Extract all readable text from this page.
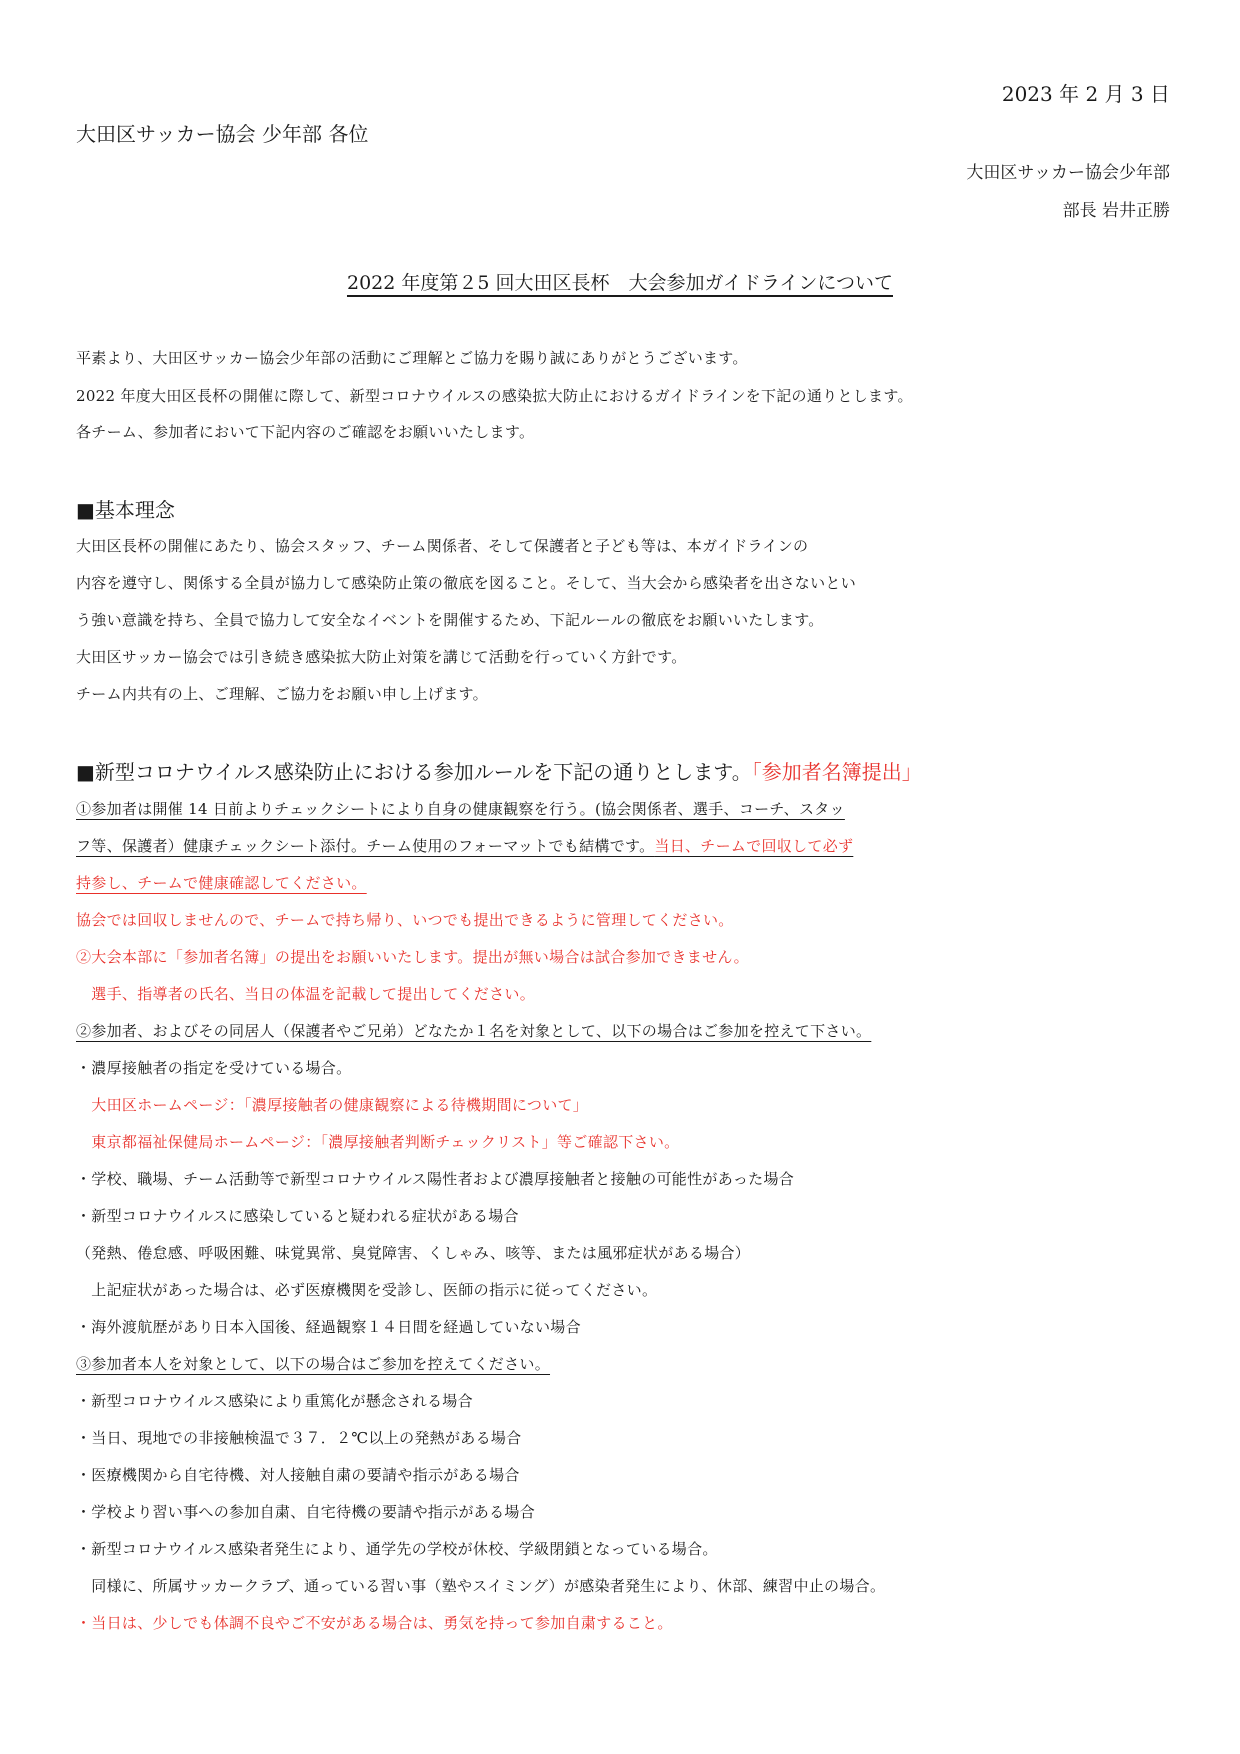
2023 年 2 月 3 日
大田区サッカー協会 少年部 各位
大田区サッカー協会少年部
部長 岩井正勝
2022 年度第２5 回大田区長杯　大会参加ガイドラインについて
平素より、大田区サッカー協会少年部の活動にご理解とご協力を賜り誠にありがとうございます。
2022 年度大田区長杯の開催に際して、新型コロナウイルスの感染拡大防止におけるガイドラインを下記の通りとします。
各チーム、参加者において下記内容のご確認をお願いいたします。
■基本理念
大田区長杯の開催にあたり、協会スタッフ、チーム関係者、そして保護者と子ども等は、本ガイドラインの
内容を遵守し、関係する全員が協力して感染防止策の徹底を図ること。そして、当大会から感染者を出さないとい
う強い意識を持ち、全員で協力して安全なイベントを開催するため、下記ルールの徹底をお願いいたします。
大田区サッカー協会では引き続き感染拡大防止対策を講じて活動を行っていく方針です。
チーム内共有の上、ご理解、ご協力をお願い申し上げます。
■新型コロナウイルス感染防止における参加ルールを下記の通りとします。「参加者名簿提出」
①参加者は開催 14 日前よりチェックシートにより自身の健康観察を行う。(協会関係者、選手、コーチ、スタッ
フ等、保護者）健康チェックシート添付。チーム使用のフォーマットでも結構です。当日、チームで回収して必ず
持参し、チームで健康確認してください。
協会では回収しませんので、チームで持ち帰り、いつでも提出できるように管理してください。
②大会本部に「参加者名簿」の提出をお願いいたします。提出が無い場合は試合参加できません。
　選手、指導者の氏名、当日の体温を記載して提出してください。
②参加者、およびその同居人（保護者やご兄弟）どなたか１名を対象として、以下の場合はご参加を控えて下さい。
・濃厚接触者の指定を受けている場合。
　大田区ホームページ：「濃厚接触者の健康観察による待機期間について」
　東京都福祉保健局ホームページ：「濃厚接触者判断チェックリスト」等ご確認下さい。
・学校、職場、チーム活動等で新型コロナウイルス陽性者および濃厚接触者と接触の可能性があった場合
・新型コロナウイルスに感染していると疑われる症状がある場合
（発熱、倦怠感、呼吸困難、味覚異常、臭覚障害、くしゃみ、咳等、または風邪症状がある場合）
　上記症状があった場合は、必ず医療機関を受診し、医師の指示に従ってください。
・海外渡航歴があり日本入国後、経過観察１４日間を経過していない場合
③参加者本人を対象として、以下の場合はご参加を控えてください。
・新型コロナウイルス感染により重篤化が懸念される場合
・当日、現地での非接触検温で３７．２℃以上の発熱がある場合
・医療機関から自宅待機、対人接触自粛の要請や指示がある場合
・学校より習い事への参加自粛、自宅待機の要請や指示がある場合
・新型コロナウイルス感染者発生により、通学先の学校が休校、学級閉鎖となっている場合。
　同様に、所属サッカークラブ、通っている習い事（塾やスイミング）が感染者発生により、休部、練習中止の場合。
・当日は、少しでも体調不良やご不安がある場合は、勇気を持って参加自粛すること。
